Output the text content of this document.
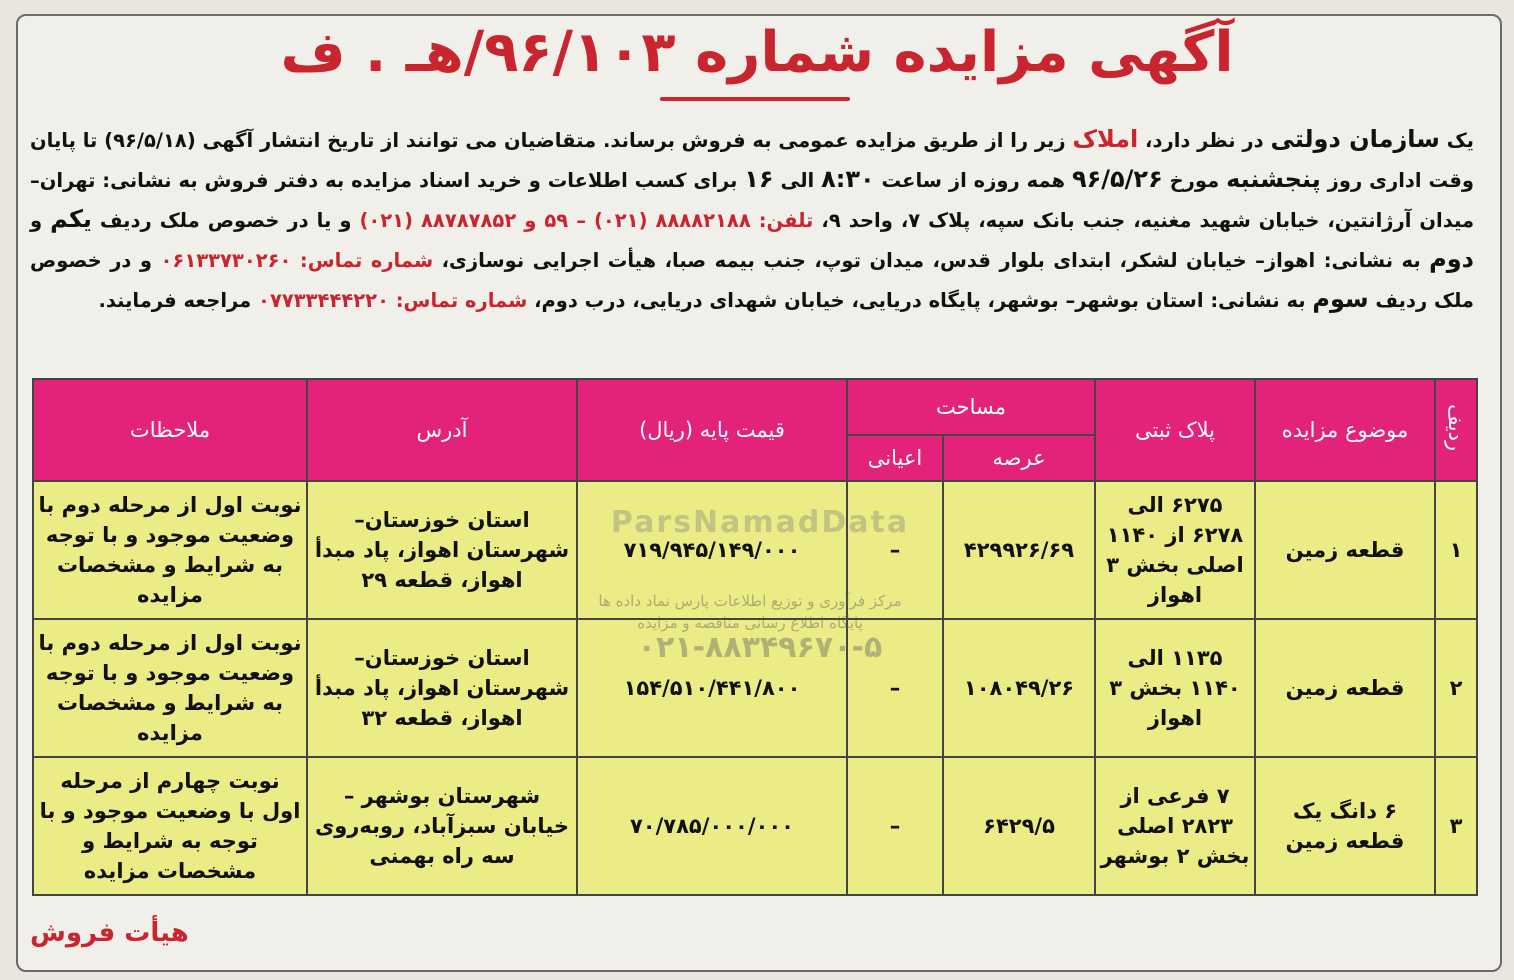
آگهی مزایده شماره ۹۶/۱۰۳/هـ . ف
یک سازمان دولتی در نظر دارد، املاک زیر را از طریق مزایده عمومی به فروش برساند. متقاضیان می توانند از تاریخ انتشار آگهی (۹۶/۵/۱۸) تا پایان وقت اداری روز پنجشنبه مورخ ۹۶/۵/۲۶ همه روزه از ساعت ۸:۳۰ الی ۱۶ برای کسب اطلاعات و خرید اسناد مزایده به دفتر فروش به نشانی: تهران– میدان آرژانتین، خیابان شهید مغنیه، جنب بانک سپه، پلاک ۷، واحد ۹، تلفن: ۸۸۸۸۲۱۸۸ (۰۲۱) – ۵۹ و ۸۸۷۸۷۸۵۲ (۰۲۱) و یا در خصوص ملک ردیف یکم و دوم به نشانی: اهواز– خیابان لشکر، ابتدای بلوار قدس، میدان توپ، جنب بیمه صبا، هیأت اجرایی نوسازی، شماره تماس: ۰۶۱۳۳۷۳۰۲۶۰ و در خصوص ملک ردیف سوم به نشانی: استان بوشهر– بوشهر، پایگاه دریایی، خیابان شهدای دریایی، درب دوم، شماره تماس: ۰۷۷۳۳۴۴۴۲۲۰ مراجعه فرمایند.
ردیف	موضوع مزایده	پلاک ثبتی	مساحت		قیمت پایه (ریال)	آدرس	ملاحظات
			عرصه	اعیانی			
۱	قطعه زمین	۶۲۷۵ الی ۶۲۷۸ از ۱۱۴۰ اصلی بخش ۳ اهواز	۴۲۹۹۲۶/۶۹	–	۷۱۹/۹۴۵/۱۴۹/۰۰۰	استان خوزستان– شهرستان اهواز، پاد مبدأ اهواز، قطعه ۲۹	نوبت اول از مرحله دوم با وضعیت موجود و با توجه به شرایط و مشخصات مزایده
۲	قطعه زمین	۱۱۳۵ الی ۱۱۴۰ بخش ۳ اهواز	۱۰۸۰۴۹/۲۶	–	۱۵۴/۵۱۰/۴۴۱/۸۰۰	استان خوزستان– شهرستان اهواز، پاد مبدأ اهواز، قطعه ۳۲	نوبت اول از مرحله دوم با وضعیت موجود و با توجه به شرایط و مشخصات مزایده
۳	۶ دانگ یک قطعه زمین	۷ فرعی از ۲۸۲۳ اصلی بخش ۲ بوشهر	۶۴۲۹/۵	–	۷۰/۷۸۵/۰۰۰/۰۰۰	شهرستان بوشهر – خیابان سبزآباد، روبه‌روی سه راه بهمنی	نوبت چهارم از مرحله اول با وضعیت موجود و با توجه به شرایط و مشخصات مزایده
ParsNamadData
مرکز فرآوری و توزیع اطلاعات پارس نماد داده ها
پایگاه اطلاع رسانی مناقصه و مزایده
۰۲۱-۸۸۳۴۹۶۷۰-۵
هیأت فروش
